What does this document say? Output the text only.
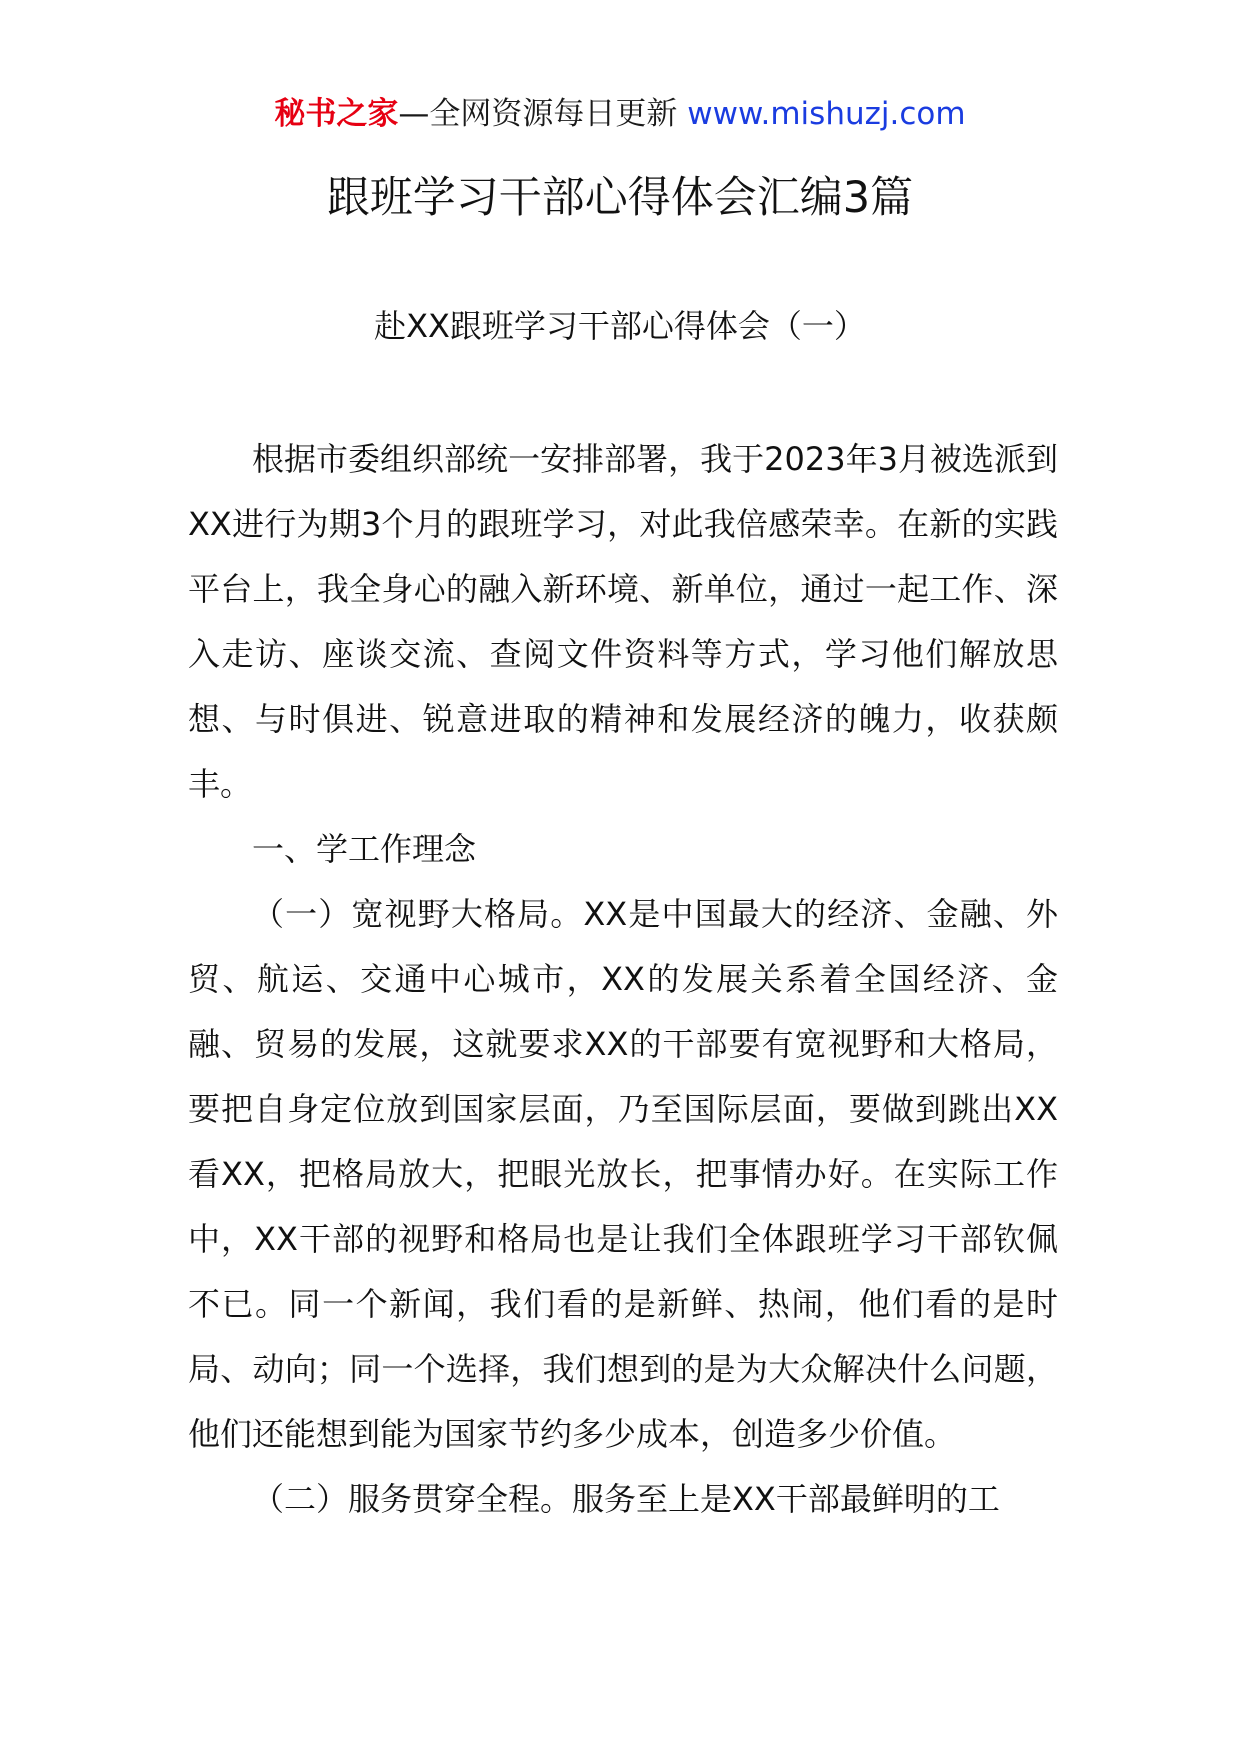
秘书之家—全网资源每日更新 www.mishuzj.com
跟班学习干部心得体会汇编3篇
赴XX跟班学习干部心得体会（一）

根据市委组织部统一安排部署，我于2023年3月被选派到XX进行为期3个月的跟班学习，对此我倍感荣幸。在新的实践平台上，我全身心的融入新环境、新单位，通过一起工作、深入走访、座谈交流、查阅文件资料等方式，学习他们解放思想、与时俱进、锐意进取的精神和发展经济的魄力，收获颇丰。

一、学工作理念

（一）宽视野大格局。XX是中国最大的经济、金融、外贸、航运、交通中心城市，XX的发展关系着全国经济、金融、贸易的发展，这就要求XX的干部要有宽视野和大格局，要把自身定位放到国家层面，乃至国际层面，要做到跳出XX看XX，把格局放大，把眼光放长，把事情办好。在实际工作中，XX干部的视野和格局也是让我们全体跟班学习干部钦佩不已。同一个新闻，我们看的是新鲜、热闹，他们看的是时局、动向；同一个选择，我们想到的是为大众解决什么问题，他们还能想到能为国家节约多少成本，创造多少价值。

（二）服务贯穿全程。服务至上是XX干部最鲜明的工
